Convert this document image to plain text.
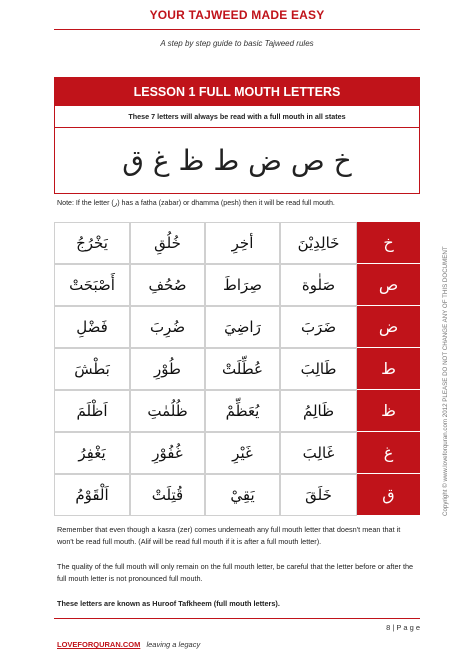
YOUR TAJWEED MADE EASY
A step by step guide to basic Tajweed rules
LESSON 1 FULL MOUTH LETTERS
These 7 letters will always be read with a full mouth in all states
خ ص ض ط ظ غ ق
Note: If the letter (ر) has a fatha (zabar) or dhamma (pesh) then it will be read full mouth.
خ
خَالِدِيْنَ
أخِرِ
خُلُقِ
يَخْرُجُ
ص
صَلٰوة
صِرَاطَ
صُحُفِ
أَصْبَحَتْ
ض
ضَرَبَ
رَاضِيَ
ضُرِبَ
فَضْلِ
ط
طَالِبَ
عُطِّلَتْ
طُوْرِ
بَطْشَ
ظ
ظَالِمُ
يُعَظِّمْ
ظُلُمٰتِ
اَظْلَمَ
غ
غَالِبَ
غَيْرِ
غُفُوْرِ
يَغْفِرُ
ق
خَلَقَ
يَقِيْ
قُتِلَتْ
اَلْقَوْمُ
Remember that even though a kasra (zer) comes underneath any full mouth letter that doesn't mean that it won't be read full mouth. (Alif will be read full mouth if it is after a full mouth letter).
The quality of the full mouth will only remain on the full mouth letter, be careful that the letter before or after the full mouth letter is not pronounced full mouth.
These letters are known as Huroof Tafkheem (full mouth letters).
Copyright © www.loveforquran.com 2012 PLEASE DO NOT CHANGE ANY OF THIS DOCUMENT
8 | P a g e
LOVEFORQURAN.COM leaving a legacy
